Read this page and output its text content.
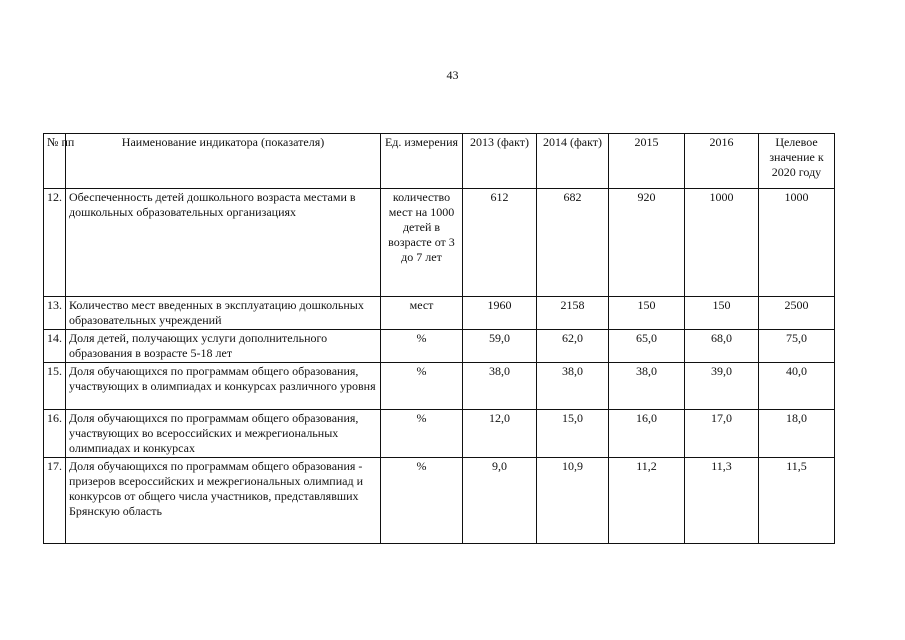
43
№ пп	Наименование индикатора (показателя)	Ед. измерения	2013 (факт)	2014 (факт)	2015	2016	Целевое значение к 2020 году
12.	Обеспеченность детей дошкольного возраста местами в дошкольных образовательных организациях	количество мест на 1000 детей в возрасте от 3 до 7 лет	612	682	920	1000	1000
13.	Количество мест введенных в эксплуатацию дошкольных образовательных учреждений	мест	1960	2158	150	150	2500
14.	Доля детей, получающих услуги дополнительного образования в возрасте 5-18 лет	%	59,0	62,0	65,0	68,0	75,0
15.	Доля обучающихся по программам общего образования, участвующих в олимпиадах и конкурсах различного уровня	%	38,0	38,0	38,0	39,0	40,0
16.	Доля обучающихся по программам общего образования, участвующих во всероссийских и межрегиональных олимпиадах и конкурсах	%	12,0	15,0	16,0	17,0	18,0
17.	Доля обучающихся по программам общего образования - призеров всероссийских и межрегиональных олимпиад и конкурсов от общего числа участников, представлявших Брянскую область	%	9,0	10,9	11,2	11,3	11,5
